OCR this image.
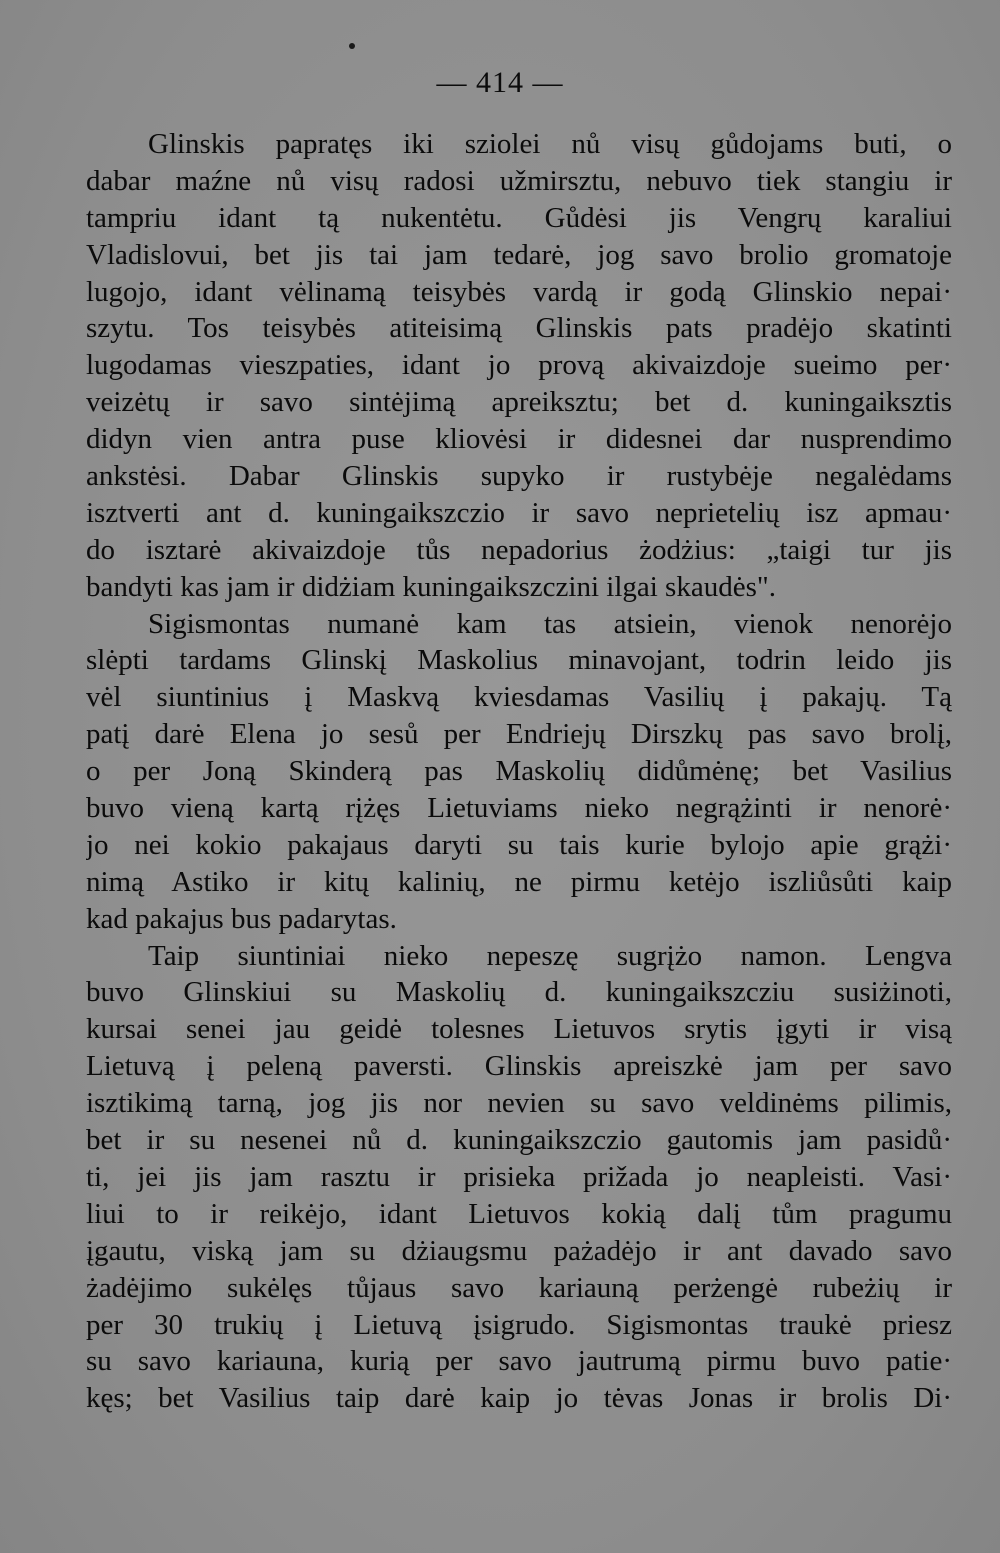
— 414 —
Glinskis papratęs iki sziolei nů visų gůdojams buti, o
dabar maźne nů visų radosi užmirsztu, nebuvo tiek stangiu ir
tampriu idant tą nukentėtu. Gůdėsi jis Vengrų karaliui
Vladislovui, bet jis tai jam tedarė, jog savo brolio gromatoje
lugojo, idant vėlinamą teisybės vardą ir godą Glinskio nepai·
szytu. Tos teisybės atiteisimą Glinskis pats pradėjo skatinti
lugodamas vieszpaties, idant jo provą akivaizdoje sueimo per·
veizėtų ir savo sintėjimą apreiksztu; bet d. kuningaiksztis
didyn vien antra puse kliovėsi ir didesnei dar nusprendimo
ankstėsi. Dabar Glinskis supyko ir rustybėje negalėdams
isztverti ant d. kuningaikszczio ir savo neprietelių isz apmau·
do isztarė akivaizdoje tůs nepadorius żodżius: „taigi tur jis
bandyti kas jam ir didżiam kuningaikszczini ilgai skaudės".
Sigismontas numanė kam tas atsiein, vienok nenorėjo
slėpti tardams Glinskį Maskolius minavojant, todrin leido jis
vėl siuntinius į Maskvą kviesdamas Vasilių į pakajų. Tą
patį darė Elena jo sesů per Endriejų Dirszkų pas savo brolį,
o per Joną Skinderą pas Maskolių didůmėnę; bet Vasilius
buvo vieną kartą rįżęs Lietuviams nieko negrążinti ir nenorė·
jo nei kokio pakajaus daryti su tais kurie bylojo apie grążi·
nimą Astiko ir kitų kalinių, ne pirmu ketėjo iszliůsůti kaip
kad pakajus bus padarytas.
Taip siuntiniai nieko nepeszę sugrįżo namon. Lengva
buvo Glinskiui su Maskolių d. kuningaikszcziu susiżinoti,
kursai senei jau geidė tolesnes Lietuvos srytis įgyti ir visą
Lietuvą į peleną paversti. Glinskis apreiszkė jam per savo
isztikimą tarną, jog jis nor nevien su savo veldinėms pilimis,
bet ir su nesenei nů d. kuningaikszczio gautomis jam pasidů·
ti, jei jis jam rasztu ir prisieka prižada jo neapleisti. Vasi·
liui to ir reikėjo, idant Lietuvos kokią dalį tům pragumu
įgautu, viską jam su dżiaugsmu pażadėjo ir ant davado savo
żadėjimo sukėlęs tůjaus savo kariauną perżengė rubeżių ir
per 30 trukių į Lietuvą įsigrudo. Sigismontas traukė priesz
su savo kariauna, kurią per savo jautrumą pirmu buvo patie·
kęs; bet Vasilius taip darė kaip jo tėvas Jonas ir brolis Di·
